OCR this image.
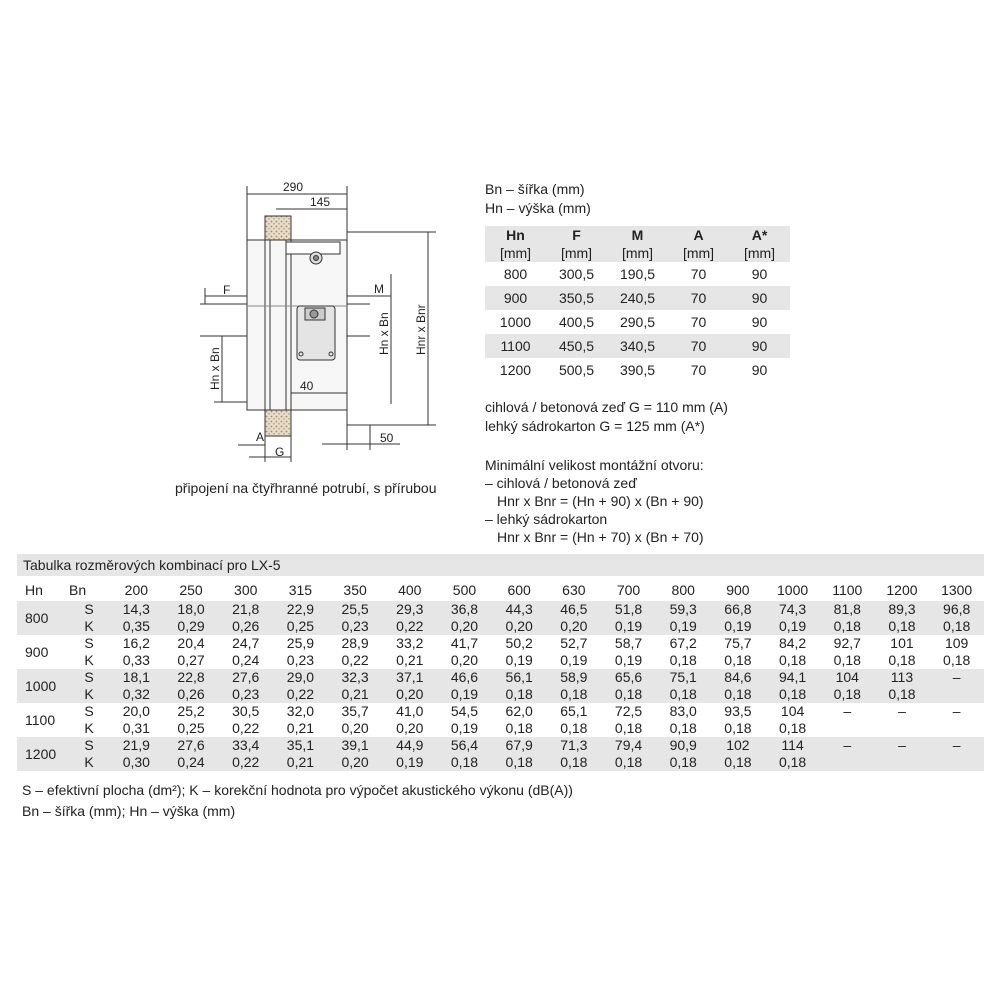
290
145
F	M
40
50
A
G
Hn x Bn
Hn x Bn Hnr x Bnr
připojení na čtyřhranné potrubí, s přírubou
Bn – šířka (mm)
Hn – výška (mm)
Hn	F	M	A	A*
[mm]	[mm]	[mm]	[mm]	[mm]
800	300,5	190,5	70	90
900	350,5	240,5	70	90
1000	400,5	290,5	70	90
1100	450,5	340,5	70	90
1200	500,5	390,5	70	90
cihlová / betonová zeď G = 110 mm (A)
lehký sádrokarton G = 125 mm (A*)
Minimální velikost montážní otvoru:
– cihlová / betonová zeď
Hnr x Bnr = (Hn + 90) x (Bn + 90)
– lehký sádrokarton
Hnr x Bnr = (Hn + 70) x (Bn + 70)
Tabulka rozměrových kombinací pro LX-5
Hn	Bn	200	250	300	315	350	400	500	600	630	700	800	900	1000	1100	1200	1300
800	S	14,3	18,0	21,8	22,9	25,5	29,3	36,8	44,3	46,5	51,8	59,3	66,8	74,3	81,8	89,3	96,8
	K	0,35	0,29	0,26	0,25	0,23	0,22	0,20	0,20	0,20	0,19	0,19	0,19	0,19	0,18	0,18	0,18
900	S	16,2	20,4	24,7	25,9	28,9	33,2	41,7	50,2	52,7	58,7	67,2	75,7	84,2	92,7	101	109
	K	0,33	0,27	0,24	0,23	0,22	0,21	0,20	0,19	0,19	0,19	0,18	0,18	0,18	0,18	0,18	0,18
1000	S	18,1	22,8	27,6	29,0	32,3	37,1	46,6	56,1	58,9	65,6	75,1	84,6	94,1	104	113	–
	K	0,32	0,26	0,23	0,22	0,21	0,20	0,19	0,18	0,18	0,18	0,18	0,18	0,18	0,18	0,18	
1100	S	20,0	25,2	30,5	32,0	35,7	41,0	54,5	62,0	65,1	72,5	83,0	93,5	104	–	–	–
	K	0,31	0,25	0,22	0,21	0,20	0,20	0,19	0,18	0,18	0,18	0,18	0,18	0,18			
1200	S	21,9	27,6	33,4	35,1	39,1	44,9	56,4	67,9	71,3	79,4	90,9	102	114	–	–	–
	K	0,30	0,24	0,22	0,21	0,20	0,19	0,18	0,18	0,18	0,18	0,18	0,18	0,18			
S – efektivní plocha (dm²); K – korekční hodnota pro výpočet akustického výkonu (dB(A))
Bn – šířka (mm); Hn – výška (mm)
